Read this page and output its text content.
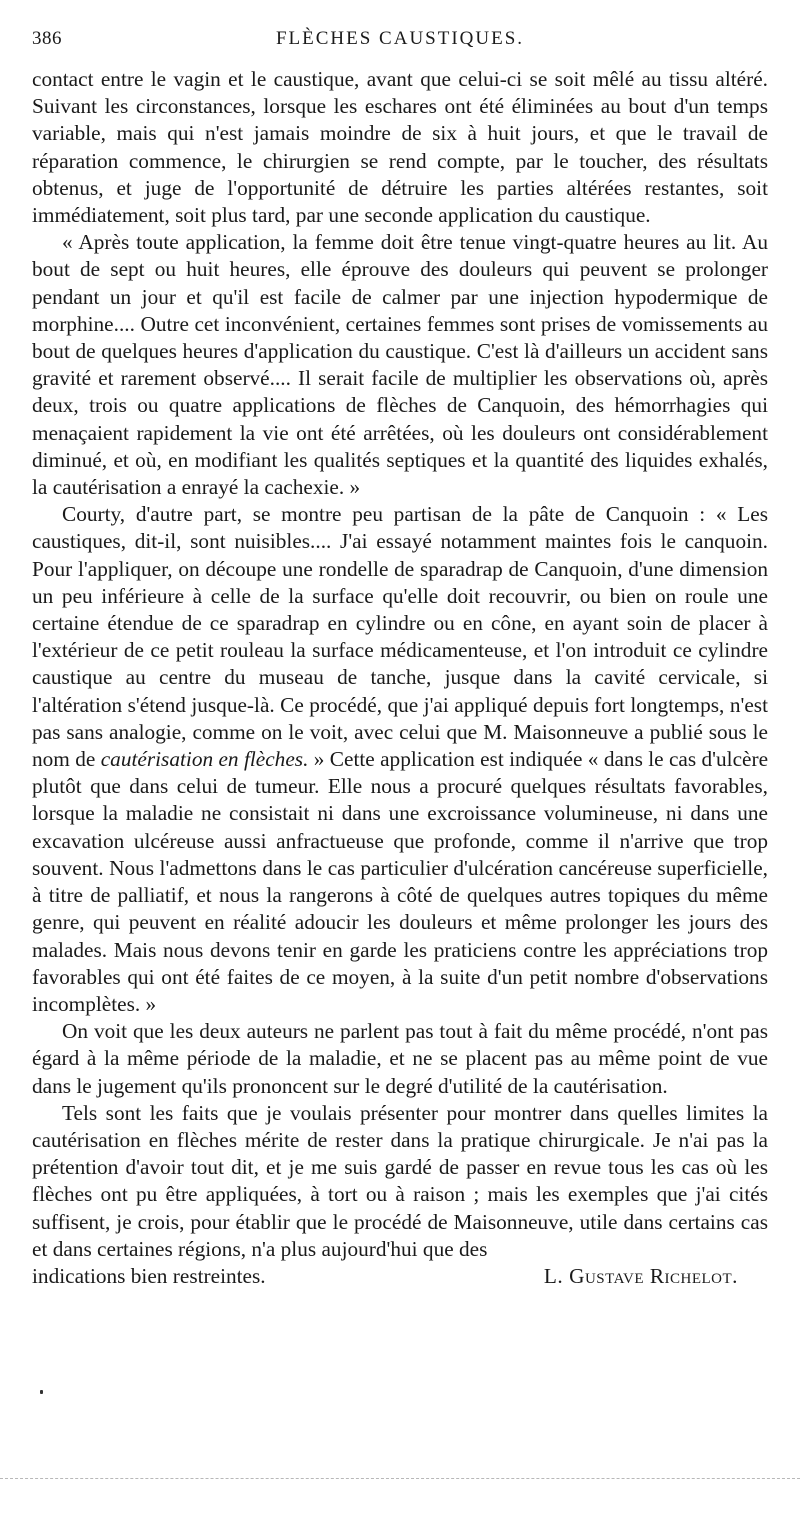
386	FLÈCHES CAUSTIQUES.

contact entre le vagin et le caustique, avant que celui-ci se soit mêlé au tissu altéré. Suivant les circonstances, lorsque les eschares ont été éliminées au bout d'un temps variable, mais qui n'est jamais moindre de six à huit jours, et que le travail de réparation commence, le chirurgien se rend compte, par le toucher, des résultats obtenus, et juge de l'opportunité de détruire les parties altérées restantes, soit immédiatement, soit plus tard, par une seconde application du caustique.

« Après toute application, la femme doit être tenue vingt-quatre heures au lit. Au bout de sept ou huit heures, elle éprouve des douleurs qui peuvent se prolonger pendant un jour et qu'il est facile de calmer par une injection hypodermique de morphine.... Outre cet inconvénient, certaines femmes sont prises de vomissements au bout de quelques heures d'application du caustique. C'est là d'ailleurs un accident sans gravité et rarement observé.... Il serait facile de multiplier les observations où, après deux, trois ou quatre applications de flèches de Canquoin, des hémorrhagies qui menaçaient rapidement la vie ont été arrêtées, où les douleurs ont considérablement diminué, et où, en modifiant les qualités septiques et la quantité des liquides exhalés, la cautérisation a enrayé la cachexie. »

Courty, d'autre part, se montre peu partisan de la pâte de Canquoin : « Les caustiques, dit-il, sont nuisibles.... J'ai essayé notamment maintes fois le canquoin. Pour l'appliquer, on découpe une rondelle de sparadrap de Canquoin, d'une dimension un peu inférieure à celle de la surface qu'elle doit recouvrir, ou bien on roule une certaine étendue de ce sparadrap en cylindre ou en cône, en ayant soin de placer à l'extérieur de ce petit rouleau la surface médicamenteuse, et l'on introduit ce cylindre caustique au centre du museau de tanche, jusque dans la cavité cervicale, si l'altération s'étend jusque-là. Ce procédé, que j'ai appliqué depuis fort longtemps, n'est pas sans analogie, comme on le voit, avec celui que M. Maisonneuve a publié sous le nom de cautérisation en flèches. » Cette application est indiquée « dans le cas d'ulcère plutôt que dans celui de tumeur. Elle nous a procuré quelques résultats favorables, lorsque la maladie ne consistait ni dans une excroissance volumineuse, ni dans une excavation ulcéreuse aussi anfractueuse que profonde, comme il n'arrive que trop souvent. Nous l'admettons dans le cas particulier d'ulcération cancéreuse superficielle, à titre de palliatif, et nous la rangerons à côté de quelques autres topiques du même genre, qui peuvent en réalité adoucir les douleurs et même prolonger les jours des malades. Mais nous devons tenir en garde les praticiens contre les appréciations trop favorables qui ont été faites de ce moyen, à la suite d'un petit nombre d'observations incomplètes. »

On voit que les deux auteurs ne parlent pas tout à fait du même procédé, n'ont pas égard à la même période de la maladie, et ne se placent pas au même point de vue dans le jugement qu'ils prononcent sur le degré d'utilité de la cautérisation.

Tels sont les faits que je voulais présenter pour montrer dans quelles limites la cautérisation en flèches mérite de rester dans la pratique chirurgicale. Je n'ai pas la prétention d'avoir tout dit, et je me suis gardé de passer en revue tous les cas où les flèches ont pu être appliquées, à tort ou à raison ; mais les exemples que j'ai cités suffisent, je crois, pour établir que le procédé de Maisonneuve, utile dans certains cas et dans certaines régions, n'a plus aujourd'hui que des

indications bien restreintes.	L. Gustave Richelot.
